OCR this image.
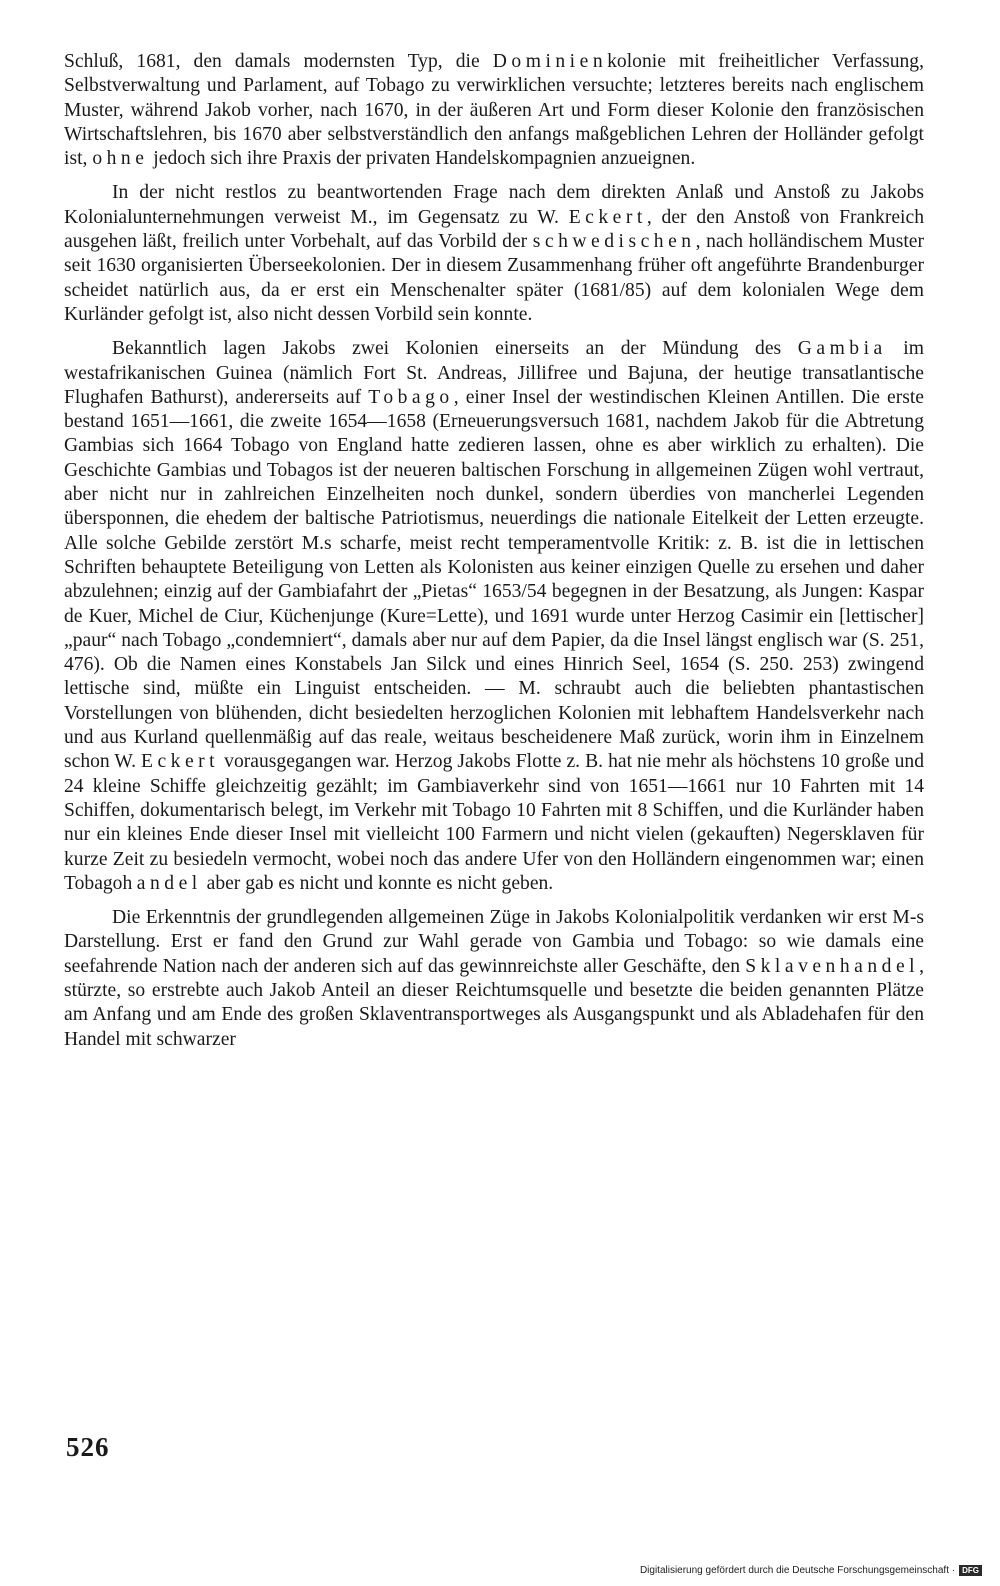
Schluß, 1681, den damals modernsten Typ, die Dominienkolonie mit freiheitlicher Verfassung, Selbstverwaltung und Parlament, auf Tobago zu verwirklichen versuchte; letzteres bereits nach englischem Muster, während Jakob vorher, nach 1670, in der äußeren Art und Form dieser Kolonie den französischen Wirtschaftslehren, bis 1670 aber selbstverständlich den anfangs maßgeblichen Lehren der Holländer gefolgt ist, ohne jedoch sich ihre Praxis der privaten Handelskompagnien anzueignen.

In der nicht restlos zu beantwortenden Frage nach dem direkten Anlaß und Anstoß zu Jakobs Kolonialunternehmungen verweist M., im Gegensatz zu W. Eckert, der den Anstoß von Frankreich ausgehen läßt, freilich unter Vorbehalt, auf das Vorbild der schwedischen, nach holländischem Muster seit 1630 organisierten Überseekolonien. Der in diesem Zusammenhang früher oft angeführte Brandenburger scheidet natürlich aus, da er erst ein Menschenalter später (1681/85) auf dem kolonialen Wege dem Kurländer gefolgt ist, also nicht dessen Vorbild sein konnte.

Bekanntlich lagen Jakobs zwei Kolonien einerseits an der Mündung des Gambia im westafrikanischen Guinea (nämlich Fort St. Andreas, Jillifree und Bajuna, der heutige transatlantische Flughafen Bathurst), andererseits auf Tobago, einer Insel der westindischen Kleinen Antillen. Die erste bestand 1651—1661, die zweite 1654—1658 (Erneuerungsversuch 1681, nachdem Jakob für die Abtretung Gambias sich 1664 Tobago von England hatte zedieren lassen, ohne es aber wirklich zu erhalten). Die Geschichte Gambias und Tobagos ist der neueren baltischen Forschung in allgemeinen Zügen wohl vertraut, aber nicht nur in zahlreichen Einzelheiten noch dunkel, sondern überdies von mancherlei Legenden übersponnen, die ehedem der baltische Patriotismus, neuerdings die nationale Eitelkeit der Letten erzeugte. Alle solche Gebilde zerstört M.s scharfe, meist recht temperamentvolle Kritik: z. B. ist die in lettischen Schriften behauptete Beteiligung von Letten als Kolonisten aus keiner einzigen Quelle zu ersehen und daher abzulehnen; einzig auf der Gambiafahrt der „Pietas“ 1653/54 begegnen in der Besatzung, als Jungen: Kaspar de Kuer, Michel de Ciur, Küchenjunge (Kure=Lette), und 1691 wurde unter Herzog Casimir ein [lettischer] „paur“ nach Tobago „condemniert“, damals aber nur auf dem Papier, da die Insel längst englisch war (S. 251, 476). Ob die Namen eines Konstabels Jan Silck und eines Hinrich Seel, 1654 (S. 250. 253) zwingend lettische sind, müßte ein Linguist entscheiden. — M. schraubt auch die beliebten phantastischen Vorstellungen von blühenden, dicht besiedelten herzoglichen Kolonien mit lebhaftem Handelsverkehr nach und aus Kurland quellenmäßig auf das reale, weitaus bescheidenere Maß zurück, worin ihm in Einzelnem schon W. Eckert vorausgegangen war. Herzog Jakobs Flotte z. B. hat nie mehr als höchstens 10 große und 24 kleine Schiffe gleichzeitig gezählt; im Gambiaverkehr sind von 1651—1661 nur 10 Fahrten mit 14 Schiffen, dokumentarisch belegt, im Verkehr mit Tobago 10 Fahrten mit 8 Schiffen, und die Kurländer haben nur ein kleines Ende dieser Insel mit vielleicht 100 Farmern und nicht vielen (gekauften) Negersklaven für kurze Zeit zu besiedeln vermocht, wobei noch das andere Ufer von den Holländern eingenommen war; einen Tobagohandel aber gab es nicht und konnte es nicht geben.

Die Erkenntnis der grundlegenden allgemeinen Züge in Jakobs Kolonialpolitik verdanken wir erst M-s Darstellung. Erst er fand den Grund zur Wahl gerade von Gambia und Tobago: so wie damals eine seefahrende Nation nach der anderen sich auf das gewinnreichste aller Geschäfte, den Sklavenhandel, stürzte, so erstrebte auch Jakob Anteil an dieser Reichtumsquelle und besetzte die beiden genannten Plätze am Anfang und am Ende des großen Sklaventransportweges als Ausgangspunkt und als Abladehafen für den Handel mit schwarzer

526
Digitalisierung gefördert durch die Deutsche Forschungsgemeinschaft · DFG
